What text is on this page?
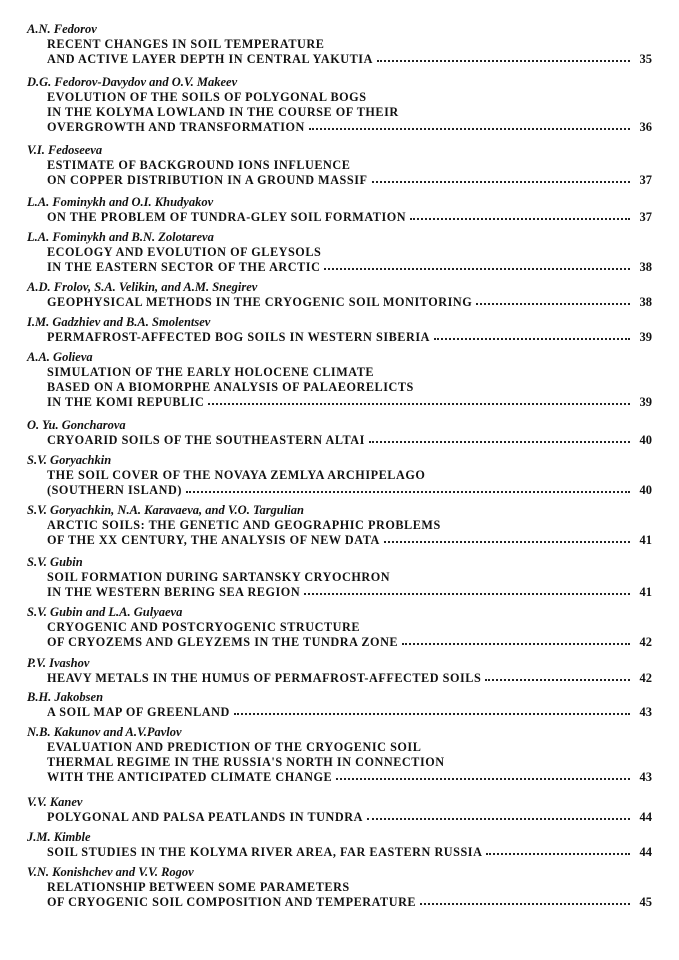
A.N. Fedorov
RECENT CHANGES IN SOIL TEMPERATURE
AND ACTIVE LAYER DEPTH IN CENTRAL YAKUTIA	35
D.G. Fedorov-Davydov and O.V. Makeev
EVOLUTION OF THE SOILS OF POLYGONAL BOGS
IN THE KOLYMA LOWLAND IN THE COURSE OF THEIR
OVERGROWTH AND TRANSFORMATION	36
V.I. Fedoseeva
ESTIMATE OF BACKGROUND IONS INFLUENCE
ON COPPER DISTRIBUTION IN A GROUND MASSIF	37
L.A. Fominykh and O.I. Khudyakov
ON THE PROBLEM OF TUNDRA-GLEY SOIL FORMATION	37
L.A. Fominykh and B.N. Zolotareva
ECOLOGY AND EVOLUTION OF GLEYSOLS
IN THE EASTERN SECTOR OF THE ARCTIC	38
A.D. Frolov, S.A. Velikin, and A.M. Snegirev
GEOPHYSICAL METHODS IN THE CRYOGENIC SOIL MONITORING	38
I.M. Gadzhiev and B.A. Smolentsev
PERMAFROST-AFFECTED BOG SOILS IN WESTERN SIBERIA	39
A.A. Golieva
SIMULATION OF THE EARLY HOLOCENE CLIMATE
BASED ON A BIOMORPHE ANALYSIS OF PALAEORELICTS
IN THE KOMI REPUBLIC	39
O. Yu. Goncharova
CRYOARID SOILS OF THE SOUTHEASTERN ALTAI	40
S.V. Goryachkin
THE SOIL COVER OF THE NOVAYA ZEMLYA ARCHIPELAGO
(SOUTHERN ISLAND)	40
S.V. Goryachkin, N.A. Karavaeva, and V.O. Targulian
ARCTIC SOILS: THE GENETIC AND GEOGRAPHIC PROBLEMS
OF THE XX CENTURY, THE ANALYSIS OF NEW DATA	41
S.V. Gubin
SOIL FORMATION DURING SARTANSKY CRYOCHRON
IN THE WESTERN BERING SEA REGION	41
S.V. Gubin and L.A. Gulyaeva
CRYOGENIC AND POSTCRYOGENIC STRUCTURE
OF CRYOZEMS AND GLEYZEMS IN THE TUNDRA ZONE	42
P.V. Ivashov
HEAVY METALS IN THE HUMUS OF PERMAFROST-AFFECTED SOILS	42
B.H. Jakobsen
A SOIL MAP OF GREENLAND	43
N.B. Kakunov and A.V.Pavlov
EVALUATION AND PREDICTION OF THE CRYOGENIC SOIL
THERMAL REGIME IN THE RUSSIA'S NORTH IN CONNECTION
WITH THE ANTICIPATED CLIMATE CHANGE	43
V.V. Kanev
POLYGONAL AND PALSA PEATLANDS IN TUNDRA	44
J.M. Kimble
SOIL STUDIES IN THE KOLYMA RIVER AREA, FAR EASTERN RUSSIA	44
V.N. Konishchev and V.V. Rogov
RELATIONSHIP BETWEEN SOME PARAMETERS
OF CRYOGENIC SOIL COMPOSITION AND TEMPERATURE	45
